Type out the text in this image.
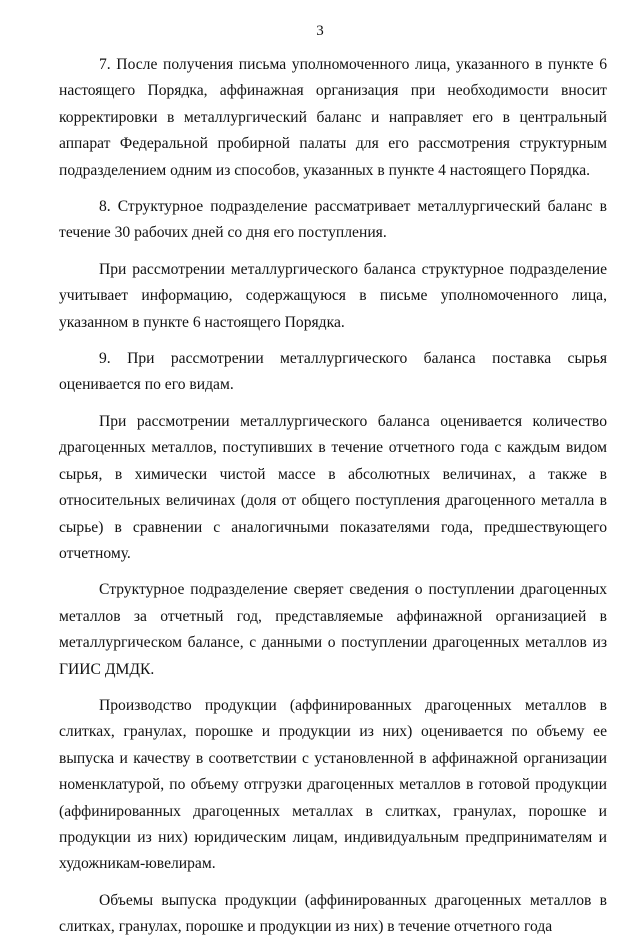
3

7. После получения письма уполномоченного лица, указанного в пункте 6 настоящего Порядка, аффинажная организация при необходимости вносит корректировки в металлургический баланс и направляет его в центральный аппарат Федеральной пробирной палаты для его рассмотрения структурным подразделением одним из способов, указанных в пункте 4 настоящего Порядка.

8. Структурное подразделение рассматривает металлургический баланс в течение 30 рабочих дней со дня его поступления.

При рассмотрении металлургического баланса структурное подразделение учитывает информацию, содержащуюся в письме уполномоченного лица, указанном в пункте 6 настоящего Порядка.

9. При рассмотрении металлургического баланса поставка сырья оценивается по его видам.

При рассмотрении металлургического баланса оценивается количество драгоценных металлов, поступивших в течение отчетного года с каждым видом сырья, в химически чистой массе в абсолютных величинах, а также в относительных величинах (доля от общего поступления драгоценного металла в сырье) в сравнении с аналогичными показателями года, предшествующего отчетному.

Структурное подразделение сверяет сведения о поступлении драгоценных металлов за отчетный год, представляемые аффинажной организацией в металлургическом балансе, с данными о поступлении драгоценных металлов из ГИИС ДМДК.

Производство продукции (аффинированных драгоценных металлов в слитках, гранулах, порошке и продукции из них) оценивается по объему ее выпуска и качеству в соответствии с установленной в аффинажной организации номенклатурой, по объему отгрузки драгоценных металлов в готовой продукции (аффинированных драгоценных металлах в слитках, гранулах, порошке и продукции из них) юридическим лицам, индивидуальным предпринимателям и художникам-ювелирам.

Объемы выпуска продукции (аффинированных драгоценных металлов в слитках, гранулах, порошке и продукции из них) в течение отчетного года
